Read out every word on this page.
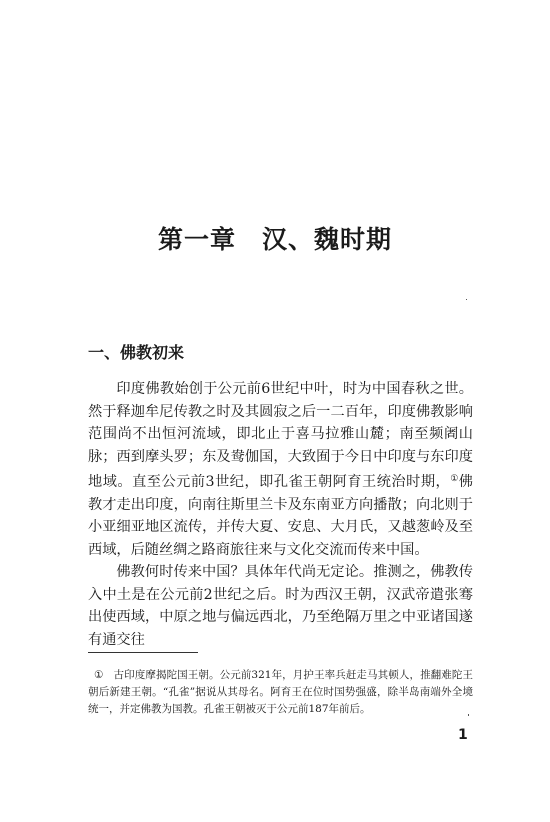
第一章　汉、魏时期
一、佛教初来

印度佛教始创于公元前6世纪中叶，时为中国春秋之世。然于释迦牟尼传教之时及其圆寂之后一二百年，印度佛教影响范围尚不出恒河流域，即北止于喜马拉雅山麓；南至频阇山脉；西到摩头罗；东及鸯伽国，大致囿于今日中印度与东印度地域。直至公元前3世纪，即孔雀王朝阿育王统治时期，①佛教才走出印度，向南往斯里兰卡及东南亚方向播散；向北则于小亚细亚地区流传，并传大夏、安息、大月氏，又越葱岭及至西域，后随丝绸之路商旅往来与文化交流而传来中国。

佛教何时传来中国？具体年代尚无定论。推测之，佛教传入中土是在公元前2世纪之后。时为西汉王朝，汉武帝遣张骞出使西域，中原之地与偏远西北，乃至绝隔万里之中亚诸国遂有通交往

① 古印度摩揭陀国王朝。公元前321年，月护王率兵赶走马其顿人，推翻难陀王朝后新建王朝。“孔雀”据说从其母名。阿育王在位时国势强盛，除半岛南端外全境统一，并定佛教为国教。孔雀王朝被灭于公元前187年前后。

1
